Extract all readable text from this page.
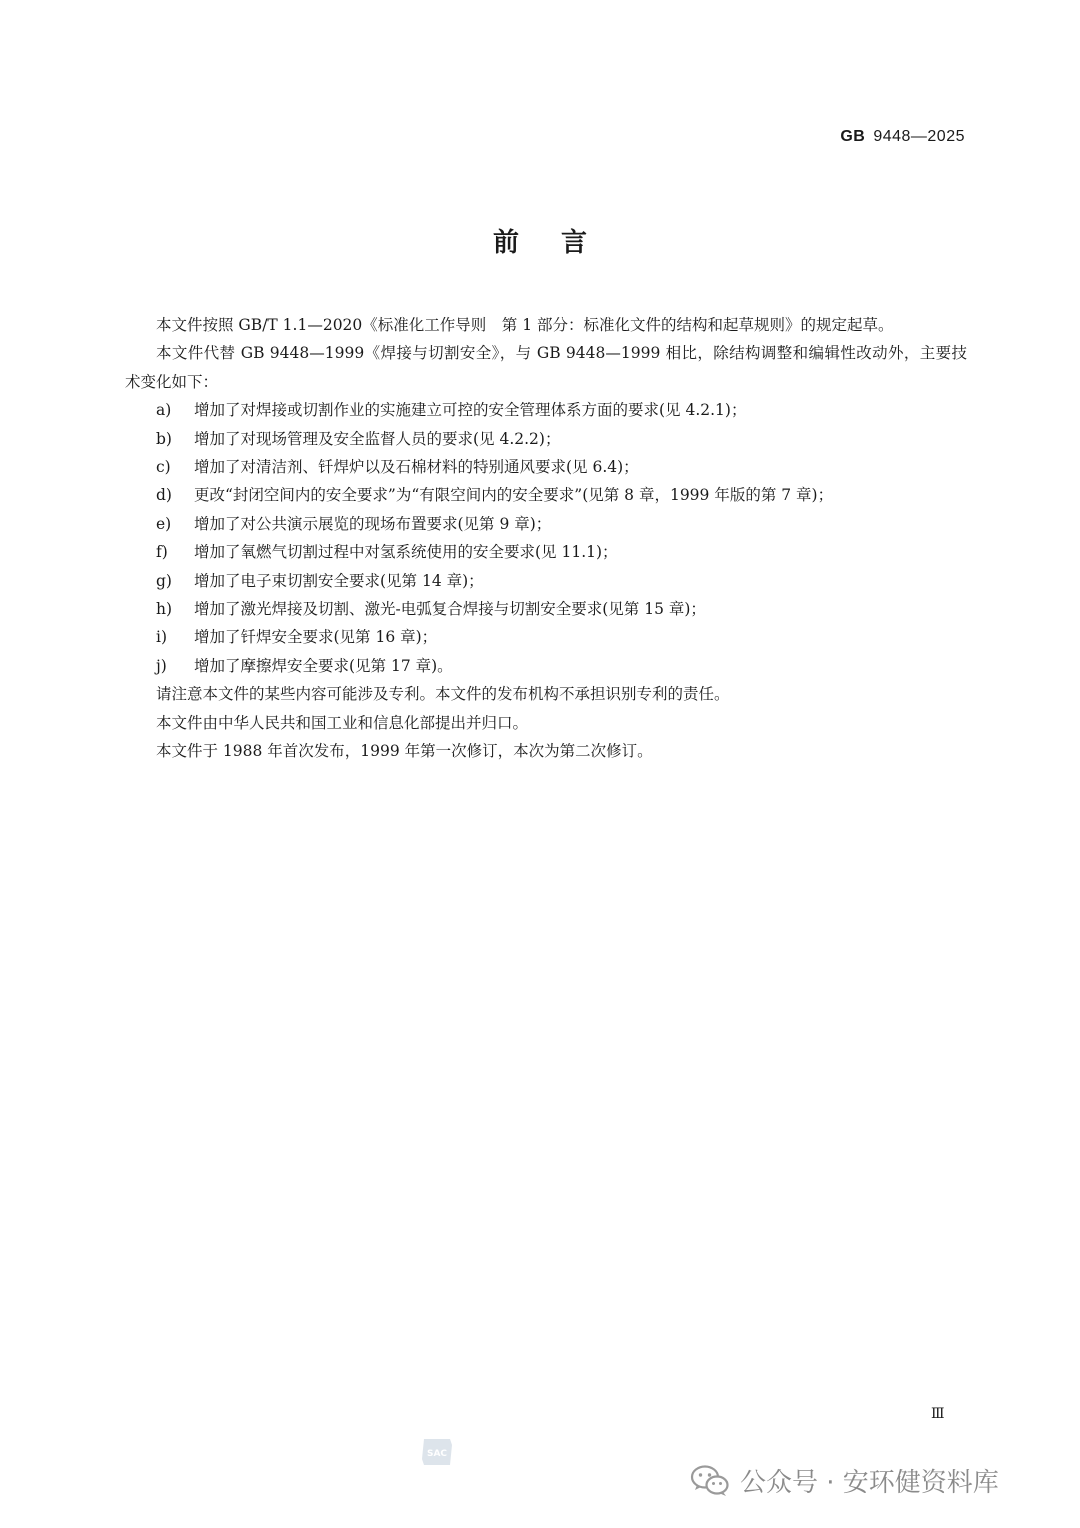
GB 9448—2025
前言

本文件按照 GB/T 1.1—2020《标准化工作导则　第 1 部分：标准化文件的结构和起草规则》的规定起草。

本文件代替 GB 9448—1999《焊接与切割安全》，与 GB 9448—1999 相比，除结构调整和编辑性改动外，主要技术变化如下：

a)	增加了对焊接或切割作业的实施建立可控的安全管理体系方面的要求(见 4.2.1)；

b)	增加了对现场管理及安全监督人员的要求(见 4.2.2)；

c)	增加了对清洁剂、钎焊炉以及石棉材料的特别通风要求(见 6.4)；

d)	更改“封闭空间内的安全要求”为“有限空间内的安全要求”(见第 8 章，1999 年版的第 7 章)；

e)	增加了对公共演示展览的现场布置要求(见第 9 章)；

f)	增加了氧燃气切割过程中对氢系统使用的安全要求(见 11.1)；

g)	增加了电子束切割安全要求(见第 14 章)；

h)	增加了激光焊接及切割、激光-电弧复合焊接与切割安全要求(见第 15 章)；

i)	增加了钎焊安全要求(见第 16 章)；

j)	增加了摩擦焊安全要求(见第 17 章)。

请注意本文件的某些内容可能涉及专利。本文件的发布机构不承担识别专利的责任。

本文件由中华人民共和国工业和信息化部提出并归口。

本文件于 1988 年首次发布，1999 年第一次修订，本次为第二次修订。

Ⅲ
SAC
公众号 · 安环健资料库
